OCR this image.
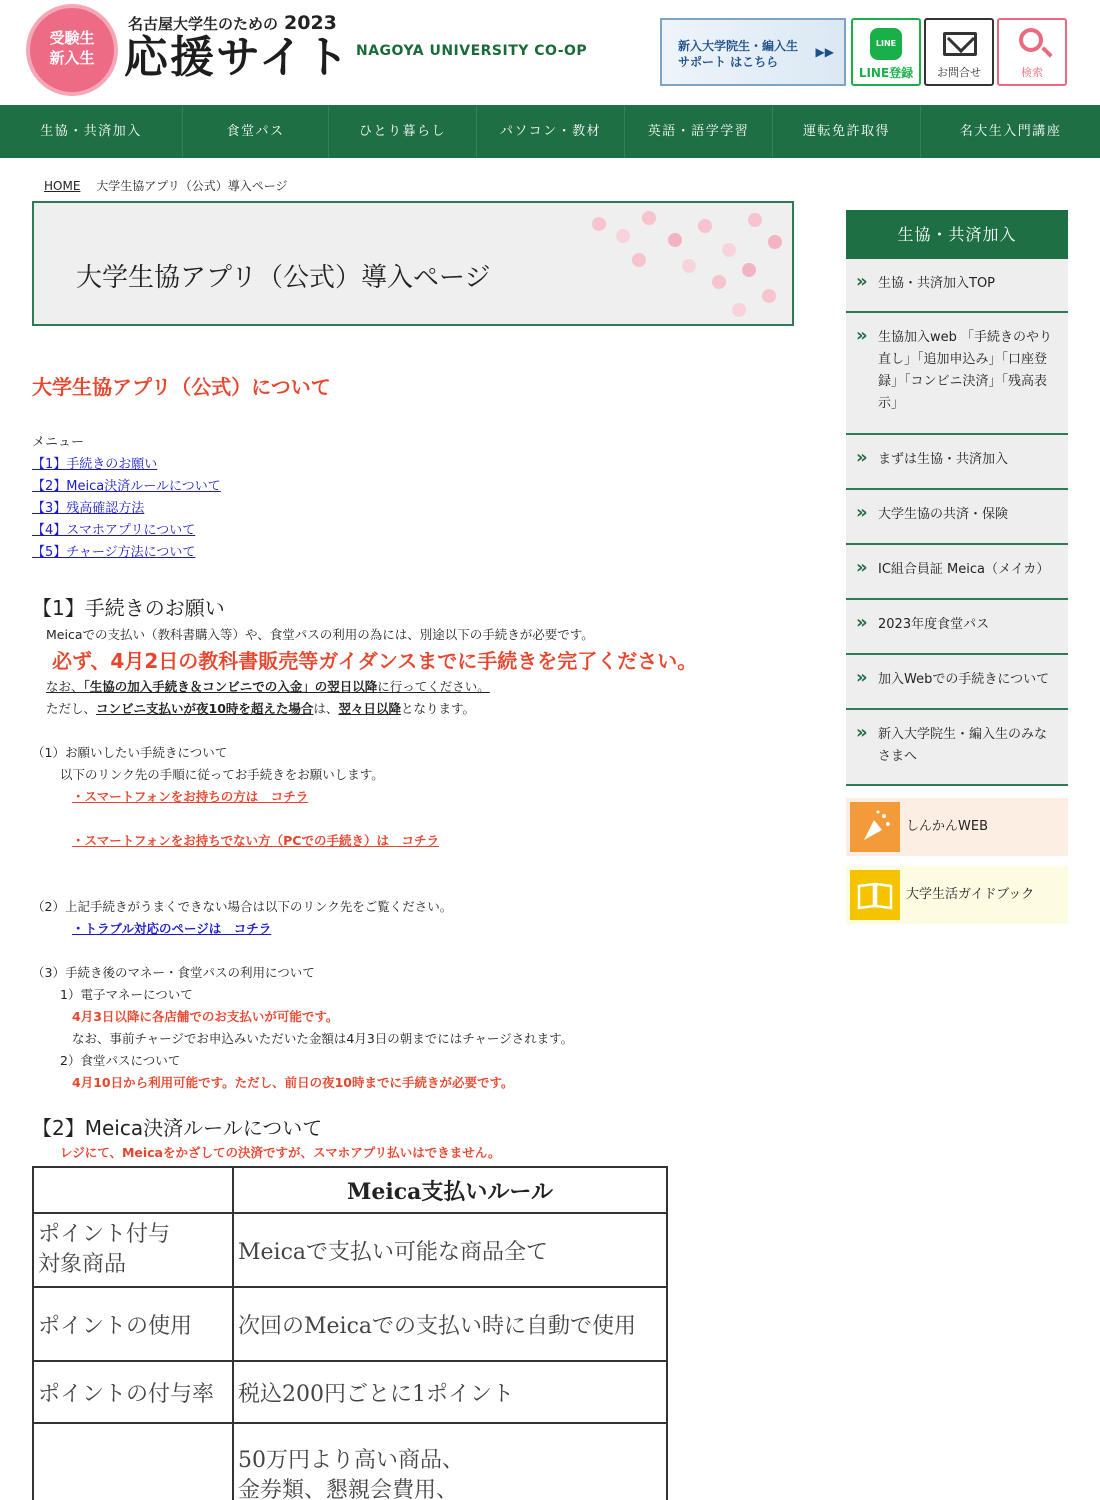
受験生
新入生
名古屋大学生のための 2023
応援サイト NAGOYA UNIVERSITY CO-OP	新入大学院生・編入生
サポート はこちら
▶▶
LINE
LINE登録	お問合せ	検索
生協・共済加入	食堂パス	ひとり暮らし	パソコン・教材	英語・語学学習	運転免許取得	名大生入門講座
HOME 大学生協アプリ（公式）導入ページ
大学生協アプリ（公式）導入ページ
大学生協アプリ（公式）について
メニュー
【1】手続きのお願い
【2】Meica決済ルールについて
【3】残高確認方法
【4】スマホアプリについて
【5】チャージ方法について
【1】手続きのお願い
Meicaでの支払い（教科書購入等）や、食堂パスの利用の為には、別途以下の手続きが必要です。
必ず、4月2日の教科書販売等ガイダンスまでに手続きを完了ください。
なお、「生協の加入手続き＆コンビニでの入金」の翌日以降に行ってください。
ただし、コンビニ支払いが夜10時を超えた場合は、翌々日以降となります。
（1）お願いしたい手続きについて
以下のリンク先の手順に従ってお手続きをお願いします。
・スマートフォンをお持ちの方は　コチラ
・スマートフォンをお持ちでない方（PCでの手続き）は　コチラ
（2）上記手続きがうまくできない場合は以下のリンク先をご覧ください。
・トラブル対応のページは　コチラ
（3）手続き後のマネー・食堂パスの利用について
1）電子マネーについて
4月3日以降に各店舗でのお支払いが可能です。
なお、事前チャージでお申込みいただいた金額は4月3日の朝までにはチャージされます。
2）食堂パスについて
4月10日から利用可能です。ただし、前日の夜10時までに手続きが必要です。
【2】Meica決済ルールについて
レジにて、Meicaをかざしての決済ですが、スマホアプリ払いはできません。
	Meica支払いルール
ポイント付与
対象商品	Meicaで支払い可能な商品全て
ポイントの使用	次回のMeicaでの支払い時に自動で使用
ポイントの付与率	税込200円ごとに1ポイント
	50万円より高い商品、
金券類、懇親会費用、
生協・共済加入
» 生協・共済加入TOP
» 生協加入web 「手続きのやり直し」「追加申込み」「口座登録」「コンビニ決済」「残高表示」
» まずは生協・共済加入
» 大学生協の共済・保険
» IC組合員証 Meica（メイカ）
» 2023年度食堂パス
» 加入Webでの手続きについて
» 新入大学院生・編入生のみなさまへ
しんかんWEB
大学生活ガイドブック
